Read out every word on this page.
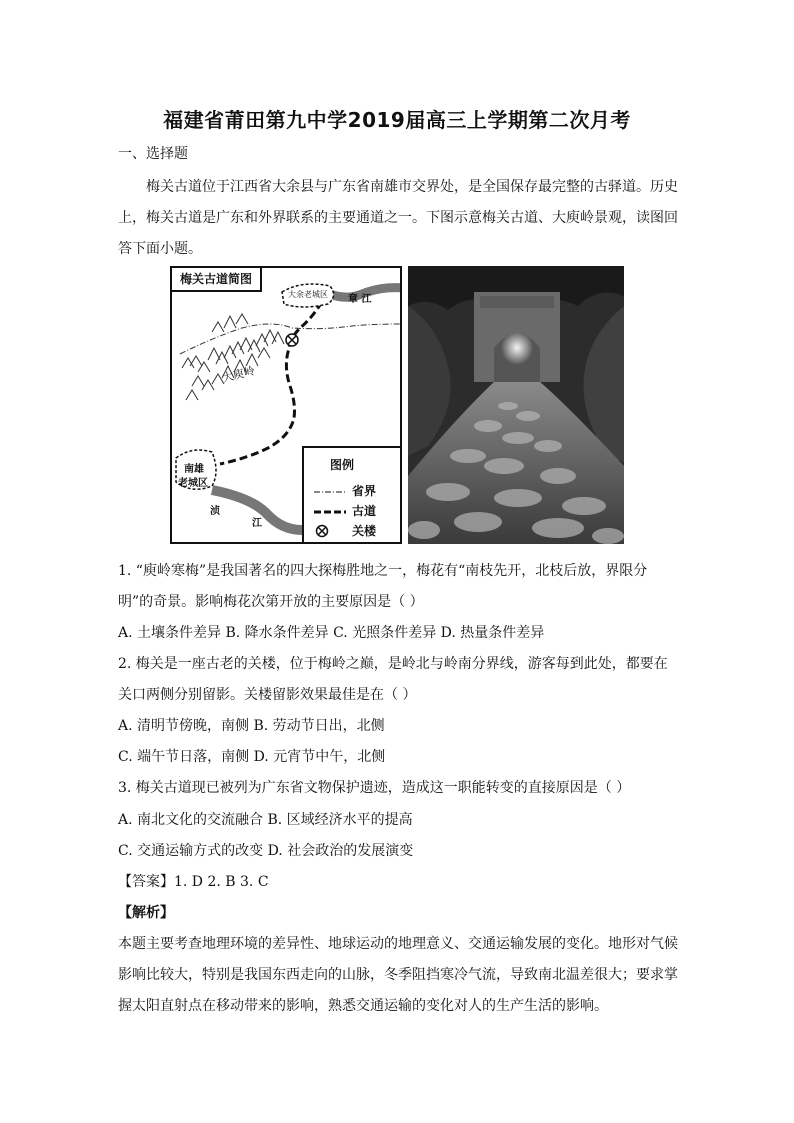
福建省莆田第九中学2019届高三上学期第二次月考
一、选择题
梅关古道位于江西省大余县与广东省南雄市交界处，是全国保存最完整的古驿道。历史
上，梅关古道是广东和外界联系的主要通道之一。下图示意梅关古道、大庾岭景观，读图回
答下面小题。
梅关古道简图
大余老城区 章 江
大庾岭
南雄
老城区
浈
江
图例
省界
古道
关楼
1. “庾岭寒梅”是我国著名的四大探梅胜地之一，梅花有“南枝先开，北枝后放，界限分
明”的奇景。影响梅花次第开放的主要原因是（ ）
A. 土壤条件差异 B. 降水条件差异 C. 光照条件差异 D. 热量条件差异
2. 梅关是一座古老的关楼，位于梅岭之巅，是岭北与岭南分界线，游客每到此处，都要在
关口两侧分别留影。关楼留影效果最佳是在（ ）
A. 清明节傍晚，南侧 B. 劳动节日出，北侧
C. 端午节日落，南侧 D. 元宵节中午，北侧
3. 梅关古道现已被列为广东省文物保护遗迹，造成这一职能转变的直接原因是（ ）
A. 南北文化的交流融合 B. 区域经济水平的提高
C. 交通运输方式的改变 D. 社会政治的发展演变
【答案】1. D 2. B 3. C
【解析】
本题主要考查地理环境的差异性、地球运动的地理意义、交通运输发展的变化。地形对气候
影响比较大，特别是我国东西走向的山脉，冬季阻挡寒冷气流，导致南北温差很大；要求掌
握太阳直射点在移动带来的影响，熟悉交通运输的变化对人的生产生活的影响。
